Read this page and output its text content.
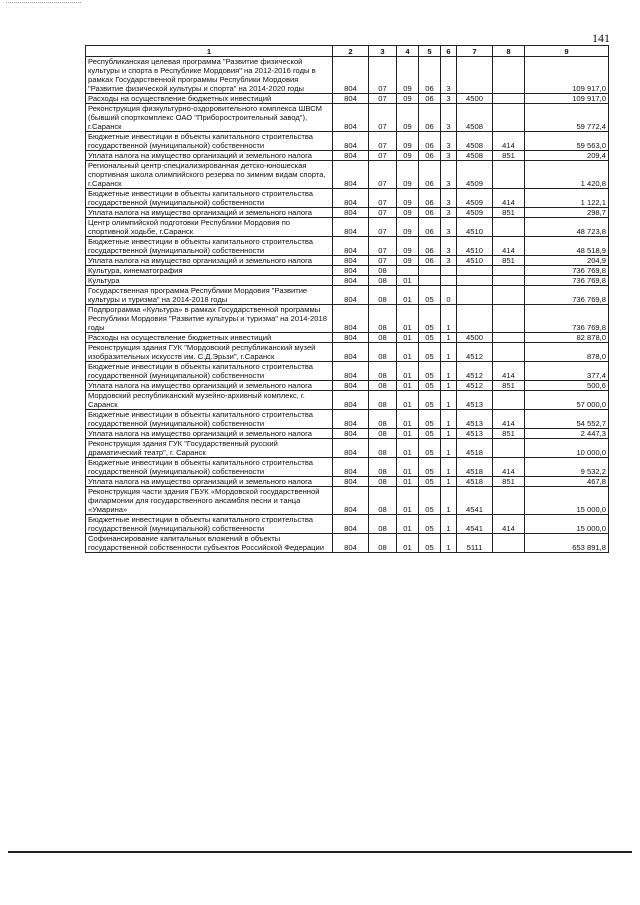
141
1	2	3	4	5	6	7	8	9
Республиканская целевая программа "Развитие физической культуры и спорта в Республике Мордовия" на 2012-2016 годы в рамках Государственной программы Республики Мордовия "Развитие физической культуры и спорта" на 2014-2020 годы	804	07	09	06	3			109 917,0
Расходы на осуществление бюджетных инвестиций	804	07	09	06	3	4500		109 917,0
Реконструкция физкультурно-оздоровительного комплекса ШВСМ (бывший спорткомплекс ОАО "Приборостроительный завод"), г.Саранск	804	07	09	06	3	4508		59 772,4
Бюджетные инвестиции в объекты капитального строительства государственной (муниципальной) собственности	804	07	09	06	3	4508	414	59 563,0
Уплата налога на имущество организаций и земельного налога	804	07	09	06	3	4508	851	209,4
Региональный центр-специализированная детско-юношеская спортивная школа олимпийского резерва по зимним видам спорта, г.Саранск	804	07	09	06	3	4509		1 420,8
Бюджетные инвестиции в объекты капитального строительства государственной (муниципальной) собственности	804	07	09	06	3	4509	414	1 122,1
Уплата налога на имущество организаций и земельного налога	804	07	09	06	3	4509	851	298,7
Центр олимпийской подготовки Республики Мордовия по спортивной ходьбе, г.Саранск	804	07	09	06	3	4510		48 723,8
Бюджетные инвестиции в объекты капитального строительства государственной (муниципальной) собственности	804	07	09	06	3	4510	414	48 518,9
Уплата налога на имущество организаций и земельного налога	804	07	09	06	3	4510	851	204,9
Культура, кинематография	804	08						736 769,8
Культура	804	08	01					736 769,8
Государственная программа Республики Мордовия "Развитие культуры и туризма" на 2014-2018 годы	804	08	01	05	0			736 769,8
Подпрограмма «Культура» в рамках Государственной программы Республики Мордовия "Развитие культуры и туризма" на 2014-2018 годы	804	08	01	05	1			736 769,8
Расходы на осуществление бюджетных инвестиций	804	08	01	05	1	4500		82 878,0
Реконструкция здания ГУК "Мордовский республиканский музей изобразительных искусств им. С.Д.Эрьзи", г.Саранск	804	08	01	05	1	4512		878,0
Бюджетные инвестиции в объекты капитального строительства государственной (муниципальной) собственности	804	08	01	05	1	4512	414	377,4
Уплата налога на имущество организаций и земельного налога	804	08	01	05	1	4512	851	500,6
Мордовский республиканский музейно-архивный комплекс, г. Саранск	804	08	01	05	1	4513		57 000,0
Бюджетные инвестиции в объекты капитального строительства государственной (муниципальной) собственности	804	08	01	05	1	4513	414	54 552,7
Уплата налога на имущество организаций и земельного налога	804	08	01	05	1	4513	851	2 447,3
Реконструкция здания ГУК "Государственный русский драматический театр", г. Саранск	804	08	01	05	1	4518		10 000,0
Бюджетные инвестиции в объекты капитального строительства государственной (муниципальной) собственности	804	08	01	05	1	4518	414	9 532,2
Уплата налога на имущество организаций и земельного налога	804	08	01	05	1	4518	851	467,8
Реконструкция части здания ГБУК «Мордовской государственной филармонии для государственного ансамбля песни и танца «Умарина»	804	08	01	05	1	4541		15 000,0
Бюджетные инвестиции в объекты капитального строительства государственной (муниципальной) собственности	804	08	01	05	1	4541	414	15 000,0
Софинансирование капитальных вложений в объекты государственной собственности субъектов Российской Федерации	804	08	01	05	1	5111		653 891,8
